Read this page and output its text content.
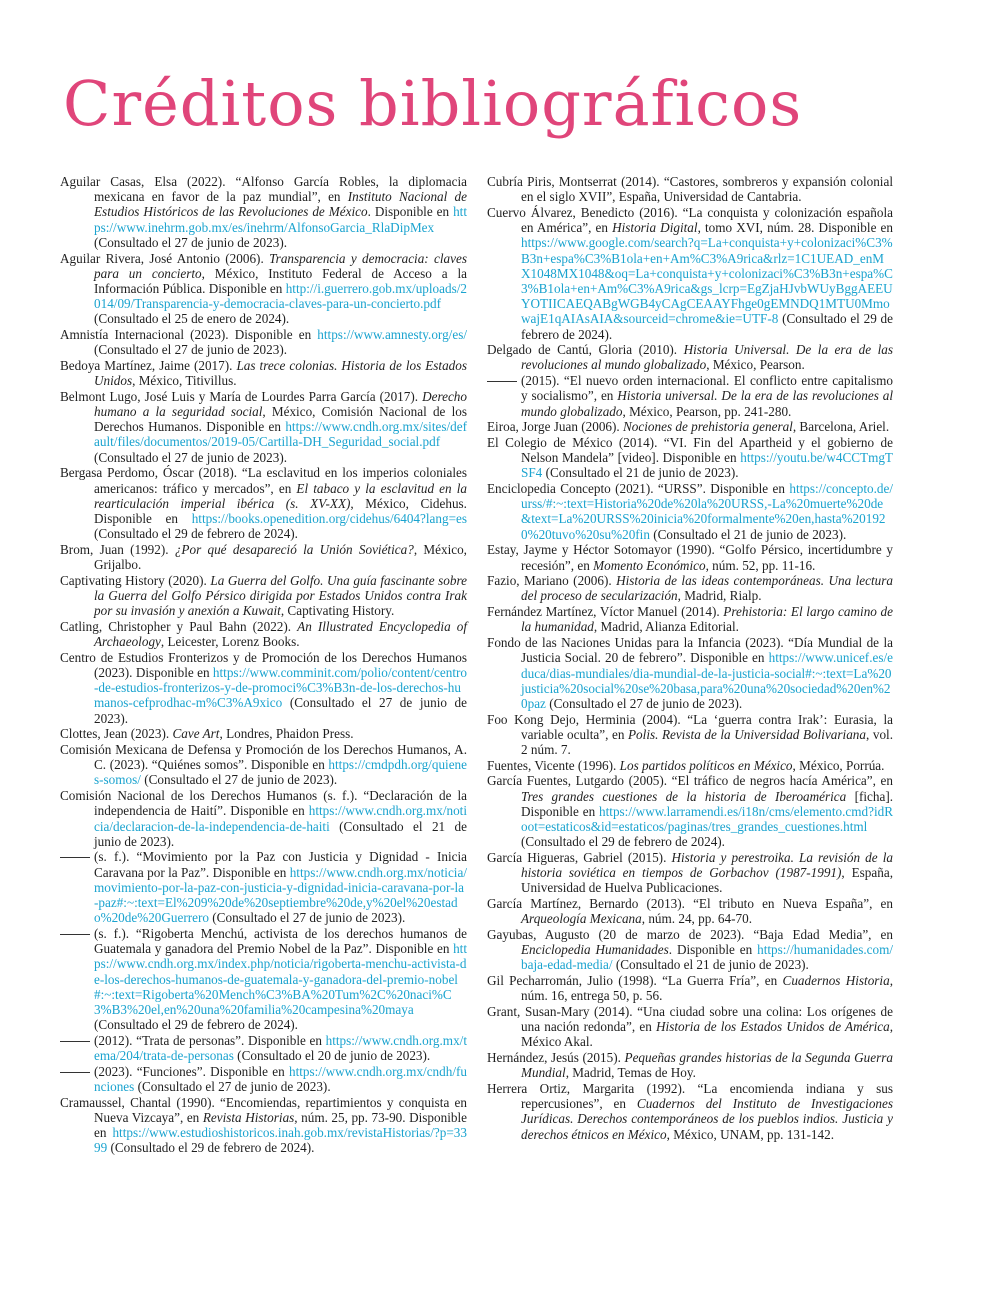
Créditos bibliográficos

Aguilar Casas, Elsa (2022). “Alfonso García Robles, la diplomacia mexicana en favor de la paz mundial”, en Instituto Nacional de Estudios Históricos de las Revoluciones de México. Disponible en https://www.inehrm.gob.mx/es/inehrm/AlfonsoGarcia_RlaDipMex (Consultado el 27 de junio de 2023).

Aguilar Rivera, José Antonio (2006). Transparencia y democracia: claves para un concierto, México, Instituto Federal de Acceso a la Información Pública. Disponible en http://i.guerrero.gob.mx/uploads/2014/09/Transparencia-y-democracia-claves-para-un-concierto.pdf (Consultado el 25 de enero de 2024).

Amnistía Internacional (2023). Disponible en https://www.amnesty.org/es/ (Consultado el 27 de junio de 2023).

Bedoya Martínez, Jaime (2017). Las trece colonias. Historia de los Estados Unidos, México, Titivillus.

Belmont Lugo, José Luis y María de Lourdes Parra García (2017). Derecho humano a la seguridad social, México, Comisión Nacional de los Derechos Humanos. Disponible en https://www.cndh.org.mx/sites/default/files/documentos/2019-05/Cartilla-DH_Seguridad_social.pdf (Consultado el 27 de junio de 2023).

Bergasa Perdomo, Óscar (2018). “La esclavitud en los imperios coloniales americanos: tráfico y mercados”, en El tabaco y la esclavitud en la rearticulación imperial ibérica (s. XV-XX), México, Cidehus. Disponible en https://books.openedition.org/cidehus/6404?lang=es (Consultado el 29 de febrero de 2024).

Brom, Juan (1992). ¿Por qué desapareció la Unión Soviética?, México, Grijalbo.

Captivating History (2020). La Guerra del Golfo. Una guía fascinante sobre la Guerra del Golfo Pérsico dirigida por Estados Unidos contra Irak por su invasión y anexión a Kuwait, Captivating History.

Catling, Christopher y Paul Bahn (2022). An Illustrated Encyclopedia of Archaeology, Leicester, Lorenz Books.

Centro de Estudios Fronterizos y de Promoción de los Derechos Humanos (2023). Disponible en https://www.comminit.com/polio/content/centro-de-estudios-fronterizos-y-de-promoci%C3%B3n-de-los-derechos-humanos-cefprodhac-m%C3%A9xico (Consultado el 27 de junio de 2023).

Clottes, Jean (2023). Cave Art, Londres, Phaidon Press.

Comisión Mexicana de Defensa y Promoción de los Derechos Humanos, A. C. (2023). “Quiénes somos”. Disponible en https://cmdpdh.org/quienes-somos/ (Consultado el 27 de junio de 2023).

Comisión Nacional de los Derechos Humanos (s. f.). “Declaración de la independencia de Haití”. Disponible en https://www.cndh.org.mx/noticia/declaracion-de-la-independencia-de-haiti (Consultado el 21 de junio de 2023).

(s. f.). “Movimiento por la Paz con Justicia y Dignidad - Inicia Caravana por la Paz”. Disponible en https://www.cndh.org.mx/noticia/movimiento-por-la-paz-con-justicia-y-dignidad-inicia-caravana-por-la-paz#:~:text=El%209%20de%20septiembre%20de,y%20el%20estado%20de%20Guerrero (Consultado el 27 de junio de 2023).

(s. f.). “Rigoberta Menchú, activista de los derechos humanos de Guatemala y ganadora del Premio Nobel de la Paz”. Disponible en https://www.cndh.org.mx/index.php/noticia/rigoberta-menchu-activista-de-los-derechos-humanos-de-guatemala-y-ganadora-del-premio-nobel#:~:text=Rigoberta%20Mench%C3%BA%20Tum%2C%20naci%C3%B3%20el,en%20una%20familia%20campesina%20maya (Consultado el 29 de febrero de 2024).

(2012). “Trata de personas”. Disponible en https://www.cndh.org.mx/tema/204/trata-de-personas (Consultado el 20 de junio de 2023).

(2023). “Funciones”. Disponible en https://www.cndh.org.mx/cndh/funciones (Consultado el 27 de junio de 2023).

Cramaussel, Chantal (1990). “Encomiendas, repartimientos y conquista en Nueva Vizcaya”, en Revista Historias, núm. 25, pp. 73-90. Disponible en https://www.estudioshistoricos.inah.gob.mx/revistaHistorias/?p=3399 (Consultado el 29 de febrero de 2024).

Cubría Piris, Montserrat (2014). “Castores, sombreros y expansión colonial en el siglo XVII”, España, Universidad de Cantabria.

Cuervo Álvarez, Benedicto (2016). “La conquista y colonización española en América”, en Historia Digital, tomo XVI, núm. 28. Disponible en https://www.google.com/search?q=La+conquista+y+colonizaci%C3%B3n+espa%C3%B1ola+en+Am%C3%A9rica&rlz=1C1UEAD_enMX1048MX1048&oq=La+conquista+y+colonizaci%C3%B3n+espa%C3%B1ola+en+Am%C3%A9rica&gs_lcrp=EgZjaHJvbWUyBggAEEUYOTIICAEQABgWGB4yCAgCEAAYFhge0gEMNDQ1MTU0MmowajE1qAIAsAIA&sourceid=chrome&ie=UTF-8 (Consultado el 29 de febrero de 2024).

Delgado de Cantú, Gloria (2010). Historia Universal. De la era de las revoluciones al mundo globalizado, México, Pearson.

(2015). “El nuevo orden internacional. El conflicto entre capitalismo y socialismo”, en Historia universal. De la era de las revoluciones al mundo globalizado, México, Pearson, pp. 241-280.

Eiroa, Jorge Juan (2006). Nociones de prehistoria general, Barcelona, Ariel.

El Colegio de México (2014). “VI. Fin del Apartheid y el gobierno de Nelson Mandela” [video]. Disponible en https://youtu.be/w4CCTmgTSF4 (Consultado el 21 de junio de 2023).

Enciclopedia Concepto (2021). “URSS”. Disponible en https://concepto.de/urss/#:~:text=Historia%20de%20la%20URSS,-La%20muerte%20de&text=La%20URSS%20inicia%20formalmente%20en,hasta%201920%20tuvo%20su%20fin (Consultado el 21 de junio de 2023).

Estay, Jayme y Héctor Sotomayor (1990). “Golfo Pérsico, incertidumbre y recesión”, en Momento Económico, núm. 52, pp. 11-16.

Fazio, Mariano (2006). Historia de las ideas contemporáneas. Una lectura del proceso de secularización, Madrid, Rialp.

Fernández Martínez, Víctor Manuel (2014). Prehistoria: El largo camino de la humanidad, Madrid, Alianza Editorial.

Fondo de las Naciones Unidas para la Infancia (2023). “Día Mundial de la Justicia Social. 20 de febrero”. Disponible en https://www.unicef.es/educa/dias-mundiales/dia-mundial-de-la-justicia-social#:~:text=La%20justicia%20social%20se%20basa,para%20una%20sociedad%20en%20paz (Consultado el 27 de junio de 2023).

Foo Kong Dejo, Herminia (2004). “La ‘guerra contra Irak’: Eurasia, la variable oculta”, en Polis. Revista de la Universidad Bolivariana, vol. 2 núm. 7.

Fuentes, Vicente (1996). Los partidos políticos en México, México, Porrúa.

García Fuentes, Lutgardo (2005). “El tráfico de negros hacía América”, en Tres grandes cuestiones de la historia de Iberoamérica [ficha]. Disponible en https://www.larramendi.es/i18n/cms/elemento.cmd?idRoot=estaticos&id=estaticos/paginas/tres_grandes_cuestiones.html (Consultado el 29 de febrero de 2024).

García Higueras, Gabriel (2015). Historia y perestroika. La revisión de la historia soviética en tiempos de Gorbachov (1987-1991), España, Universidad de Huelva Publicaciones.

García Martínez, Bernardo (2013). “El tributo en Nueva España”, en Arqueología Mexicana, núm. 24, pp. 64-70.

Gayubas, Augusto (20 de marzo de 2023). “Baja Edad Media”, en Enciclopedia Humanidades. Disponible en https://humanidades.com/baja-edad-media/ (Consultado el 21 de junio de 2023).

Gil Pecharromán, Julio (1998). “La Guerra Fría”, en Cuadernos Historia, núm. 16, entrega 50, p. 56.

Grant, Susan-Mary (2014). “Una ciudad sobre una colina: Los orígenes de una nación redonda”, en Historia de los Estados Unidos de América, México Akal.

Hernández, Jesús (2015). Pequeñas grandes historias de la Segunda Guerra Mundial, Madrid, Temas de Hoy.

Herrera Ortiz, Margarita (1992). “La encomienda indiana y sus repercusiones”, en Cuadernos del Instituto de Investigaciones Jurídicas. Derechos contemporáneos de los pueblos indios. Justicia y derechos étnicos en México, México, UNAM, pp. 131-142.
